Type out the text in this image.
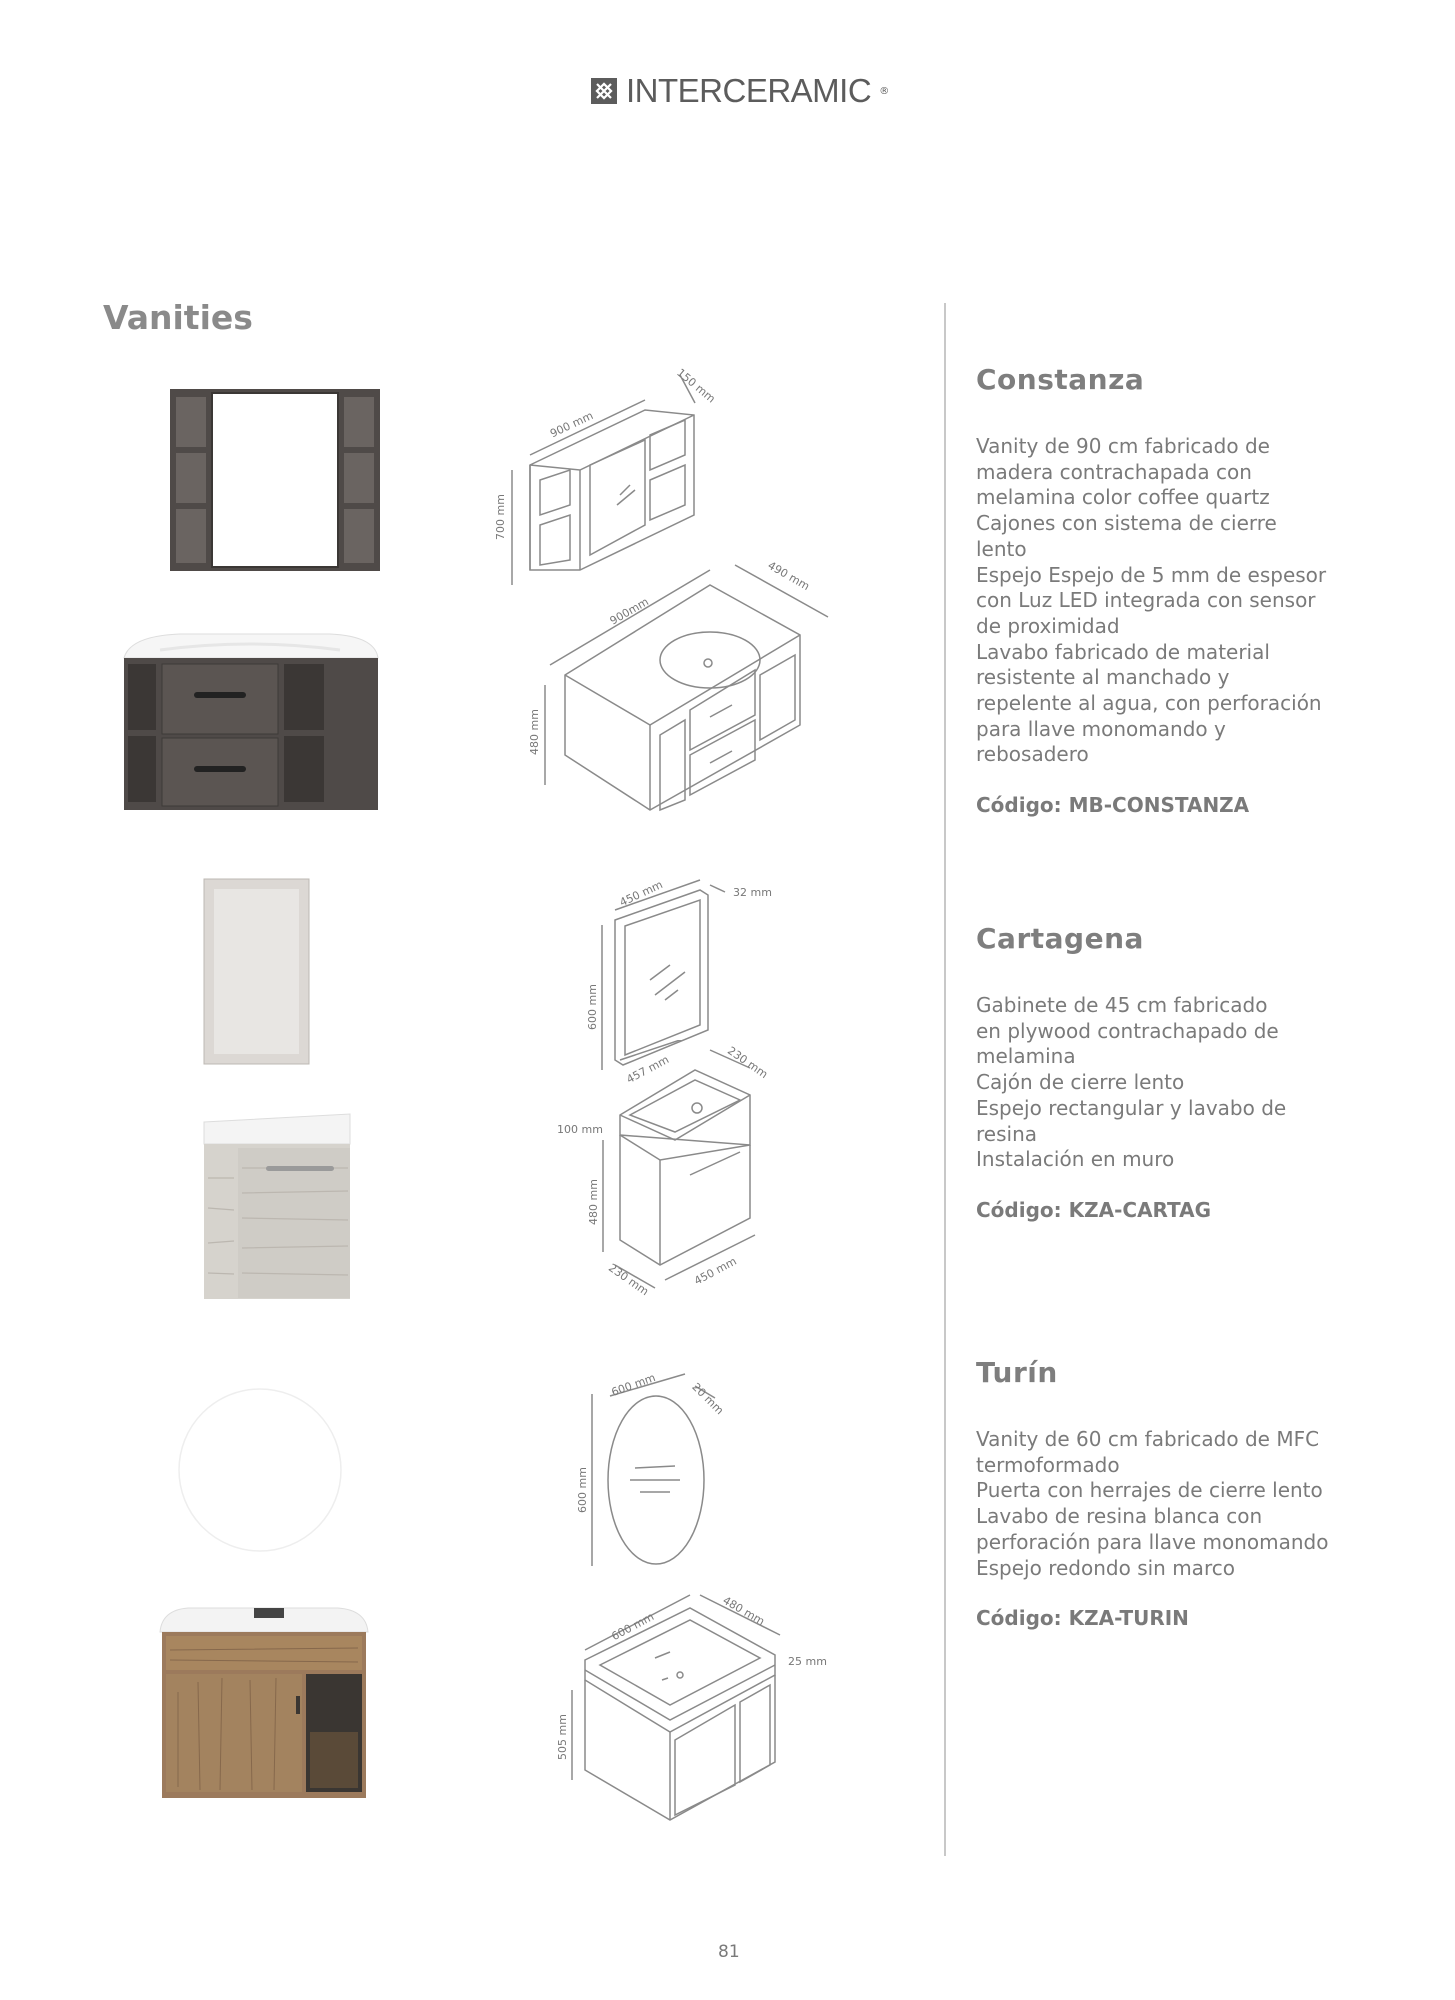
INTERCERAMIC ®
Vanities
900 mm
150 mm
700 mm
900mm
490 mm
480 mm
450 mm	32 mm
600 mm
457 mm	230 mm
100 mm
480 mm
230 mm	450 mm
600 mm	20 mm
600 mm
600 mm	480 mm
25 mm
505 mm
Constanza
Vanity de 90 cm fabricado de
madera contrachapada con
melamina color coffee quartz
Cajones con sistema de cierre
lento
Espejo Espejo de 5 mm de espesor
con Luz LED integrada con sensor
de proximidad
Lavabo fabricado de material
resistente al manchado y
repelente al agua, con perforación
para llave monomando y
rebosadero
Código: MB-CONSTANZA
Cartagena
Gabinete de 45 cm fabricado
en plywood contrachapado de
melamina
Cajón de cierre lento
Espejo rectangular y lavabo de
resina
Instalación en muro
Código: KZA-CARTAG
Turín
Vanity de 60 cm fabricado de MFC
termoformado
Puerta con herrajes de cierre lento
Lavabo de resina blanca con
perforación para llave monomando
Espejo redondo sin marco
Código: KZA-TURIN
81
